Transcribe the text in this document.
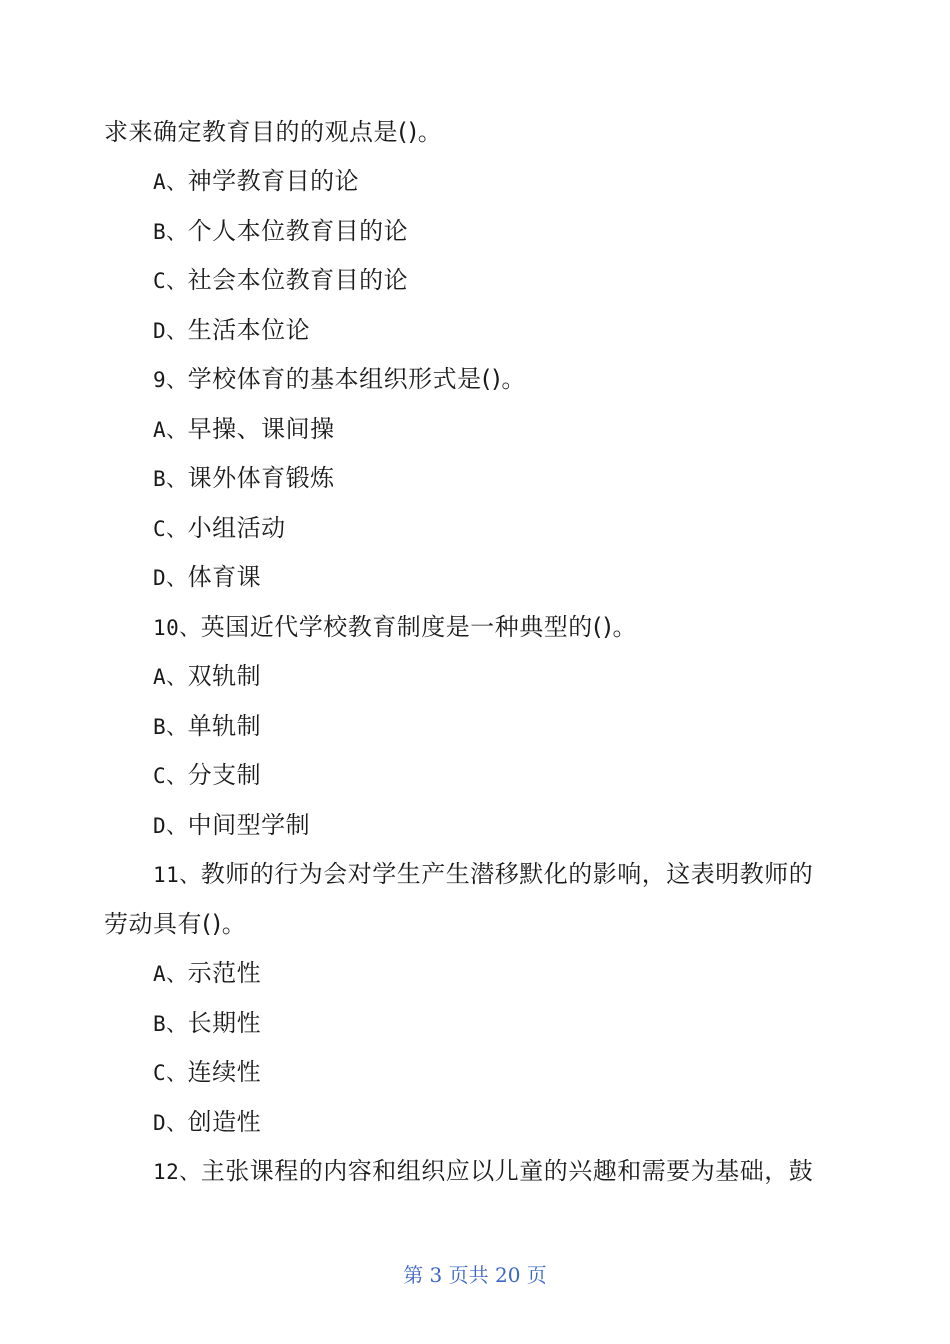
求来确定教育目的的观点是()。
A、神学教育目的论
B、个人本位教育目的论
C、社会本位教育目的论
D、生活本位论
9、学校体育的基本组织形式是()。
A、早操、课间操
B、课外体育锻炼
C、小组活动
D、体育课
10、英国近代学校教育制度是一种典型的()。
A、双轨制
B、单轨制
C、分支制
D、中间型学制
11、教师的行为会对学生产生潜移默化的影响，这表明教师的
劳动具有()。
A、示范性
B、长期性
C、连续性
D、创造性
12、主张课程的内容和组织应以儿童的兴趣和需要为基础，鼓
第 3 页共 20 页
